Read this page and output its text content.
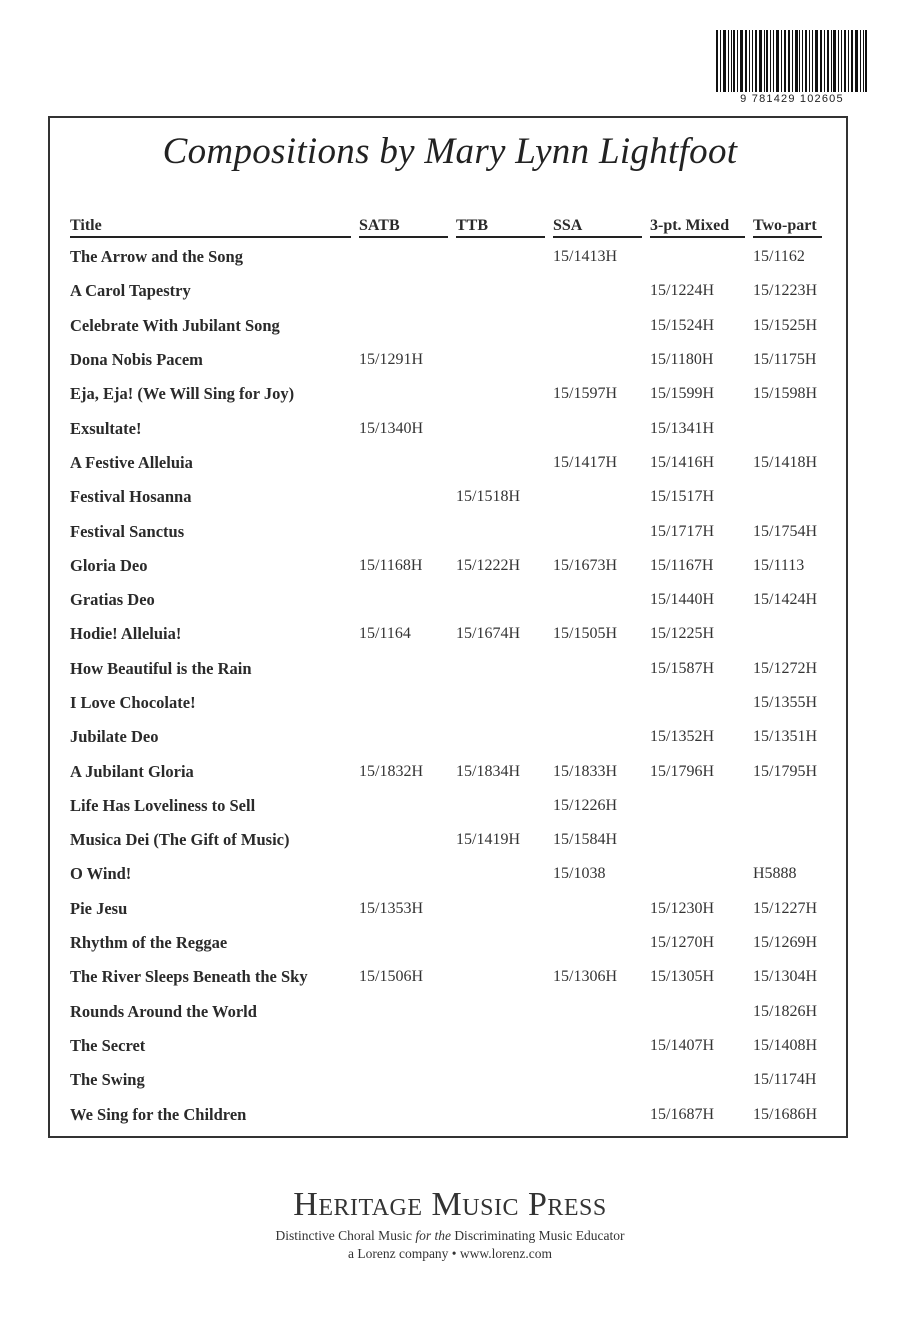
9 781429 102605
Compositions by Mary Lynn Lightfoot
Title	SATB	TTB	SSA	3-pt. Mixed	Two-part

The Arrow and the Song			15/1413H		15/1162
A Carol Tapestry				15/1224H	15/1223H
Celebrate With Jubilant Song				15/1524H	15/1525H
Dona Nobis Pacem	15/1291H			15/1180H	15/1175H
Eja, Eja! (We Will Sing for Joy)			15/1597H	15/1599H	15/1598H
Exsultate!	15/1340H			15/1341H	
A Festive Alleluia			15/1417H	15/1416H	15/1418H
Festival Hosanna		15/1518H		15/1517H	
Festival Sanctus				15/1717H	15/1754H
Gloria Deo	15/1168H	15/1222H	15/1673H	15/1167H	15/1113
Gratias Deo				15/1440H	15/1424H
Hodie! Alleluia!	15/1164	15/1674H	15/1505H	15/1225H	
How Beautiful is the Rain				15/1587H	15/1272H
I Love Chocolate!					15/1355H
Jubilate Deo				15/1352H	15/1351H
A Jubilant Gloria	15/1832H	15/1834H	15/1833H	15/1796H	15/1795H
Life Has Loveliness to Sell			15/1226H		
Musica Dei (The Gift of Music)		15/1419H	15/1584H		
O Wind!			15/1038		H5888
Pie Jesu	15/1353H			15/1230H	15/1227H
Rhythm of the Reggae				15/1270H	15/1269H
The River Sleeps Beneath the Sky	15/1506H		15/1306H	15/1305H	15/1304H
Rounds Around the World					15/1826H
The Secret				15/1407H	15/1408H
The Swing					15/1174H
We Sing for the Children				15/1687H	15/1686H
Heritage Music Press
Distinctive Choral Music for the Discriminating Music Educator
a Lorenz company • www.lorenz.com
